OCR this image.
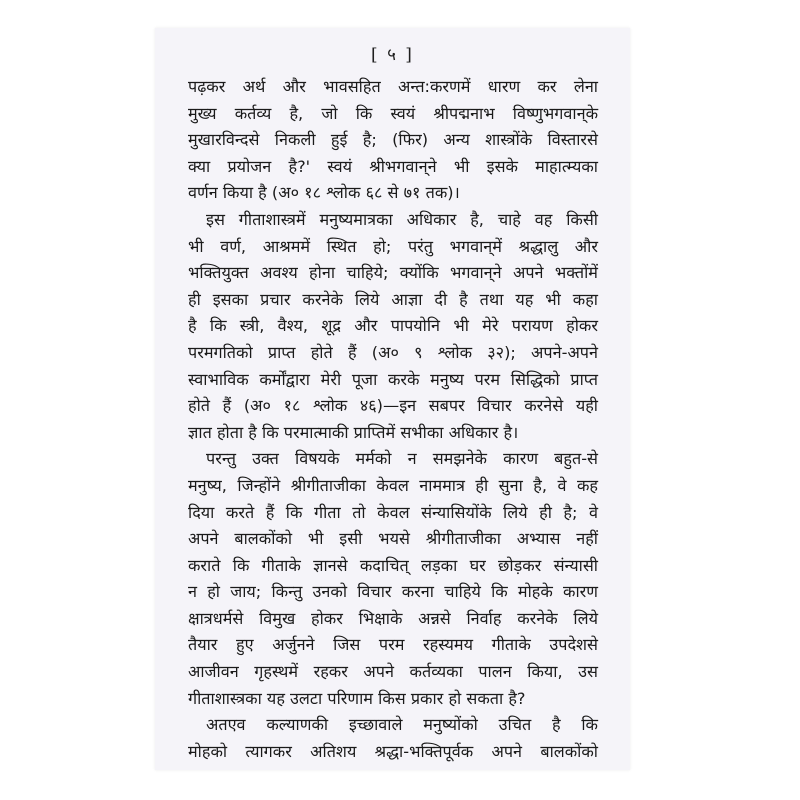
[ ५ ]
पढ़कर अर्थ और भावसहित अन्त:करणमें धारण कर लेना
मुख्य कर्तव्य है, जो कि स्वयं श्रीपद्मनाभ विष्णुभगवान्‌के
मुखारविन्दसे निकली हुई है; (फिर) अन्य शास्त्रोंके विस्तारसे
क्या प्रयोजन है?' स्वयं श्रीभगवान्‌ने भी इसके माहात्म्यका
वर्णन किया है (अ० १८ श्लोक ६८ से ७१ तक)।
इस गीताशास्त्रमें मनुष्यमात्रका अधिकार है, चाहे वह किसी
भी वर्ण, आश्रममें स्थित हो; परंतु भगवान्‌में श्रद्धालु और
भक्तियुक्त अवश्य होना चाहिये; क्योंकि भगवान्‌ने अपने भक्तोंमें
ही इसका प्रचार करनेके लिये आज्ञा दी है तथा यह भी कहा
है कि स्त्री, वैश्य, शूद्र और पापयोनि भी मेरे परायण होकर
परमगतिको प्राप्त होते हैं (अ० ९ श्लोक ३२); अपने-अपने
स्वाभाविक कर्मोंद्वारा मेरी पूजा करके मनुष्य परम सिद्धिको प्राप्त
होते हैं (अ० १८ श्लोक ४६)—इन सबपर विचार करनेसे यही
ज्ञात होता है कि परमात्माकी प्राप्तिमें सभीका अधिकार है।
परन्तु उक्त विषयके मर्मको न समझनेके कारण बहुत-से
मनुष्य, जिन्होंने श्रीगीताजीका केवल नाममात्र ही सुना है, वे कह
दिया करते हैं कि गीता तो केवल संन्यासियोंके लिये ही है; वे
अपने बालकोंको भी इसी भयसे श्रीगीताजीका अभ्यास नहीं
कराते कि गीताके ज्ञानसे कदाचित् लड़का घर छोड़कर संन्यासी
न हो जाय; किन्तु उनको विचार करना चाहिये कि मोहके कारण
क्षात्रधर्मसे विमुख होकर भिक्षाके अन्नसे निर्वाह करनेके लिये
तैयार हुए अर्जुनने जिस परम रहस्यमय गीताके उपदेशसे
आजीवन गृहस्थमें रहकर अपने कर्तव्यका पालन किया, उस
गीताशास्त्रका यह उलटा परिणाम किस प्रकार हो सकता है?
अतएव कल्याणकी इच्छावाले मनुष्योंको उचित है कि
मोहको त्यागकर अतिशय श्रद्धा-भक्तिपूर्वक अपने बालकोंको
